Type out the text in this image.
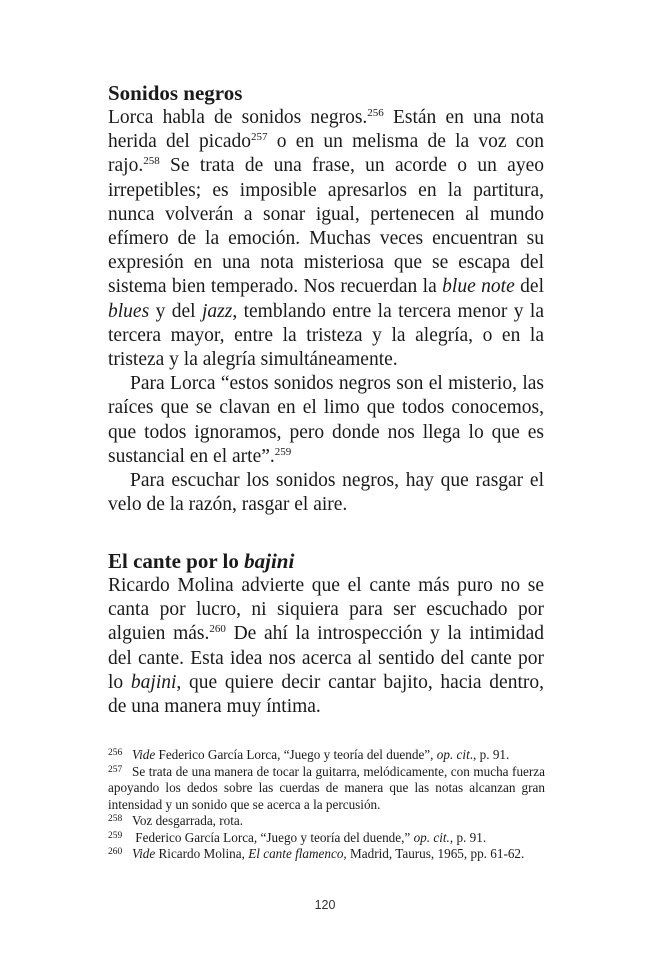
Sonidos negros

Lorca habla de sonidos negros.$^{256}$ Están en una nota herida del picado$^{257}$ o en un melisma de la voz con rajo.$^{258}$ Se trata de una frase, un acorde o un ayeo irrepetibles; es imposible apresarlos en la partitura, nunca volverán a sonar igual, pertenecen al mundo efímero de la emoción. Muchas veces encuentran su expresión en una nota misteriosa que se escapa del sistema bien temperado. Nos recuerdan la blue note del blues y del jazz, temblando entre la tercera menor y la tercera mayor, entre la tristeza y la alegría, o en la tristeza y la alegría simultáneamente.

Para Lorca “estos sonidos negros son el misterio, las raíces que se clavan en el limo que todos conocemos, que todos ignoramos, pero donde nos llega lo que es sustancial en el arte”.$^{259}$

Para escuchar los sonidos negros, hay que rasgar el velo de la razón, rasgar el aire.

El cante por lo bajini

Ricardo Molina advierte que el cante más puro no se canta por lucro, ni siquiera para ser escuchado por alguien más.$^{260}$ De ahí la introspección y la intimidad del cante. Esta idea nos acerca al sentido del cante por lo bajini, que quiere decir cantar bajito, hacia dentro, de una manera muy íntima.

256 Vide Federico García Lorca, “Juego y teoría del duende”, op. cit., p. 91.

257 Se trata de una manera de tocar la guitarra, melódicamente, con mucha fuerza apoyando los dedos sobre las cuerdas de manera que las notas alcanzan gran intensidad y un sonido que se acerca a la percusión.

258 Voz desgarrada, rota.

259 Federico García Lorca, “Juego y teoría del duende,” op. cit., p. 91.

260 Vide Ricardo Molina, El cante flamenco, Madrid, Taurus, 1965, pp. 61-62.

120
